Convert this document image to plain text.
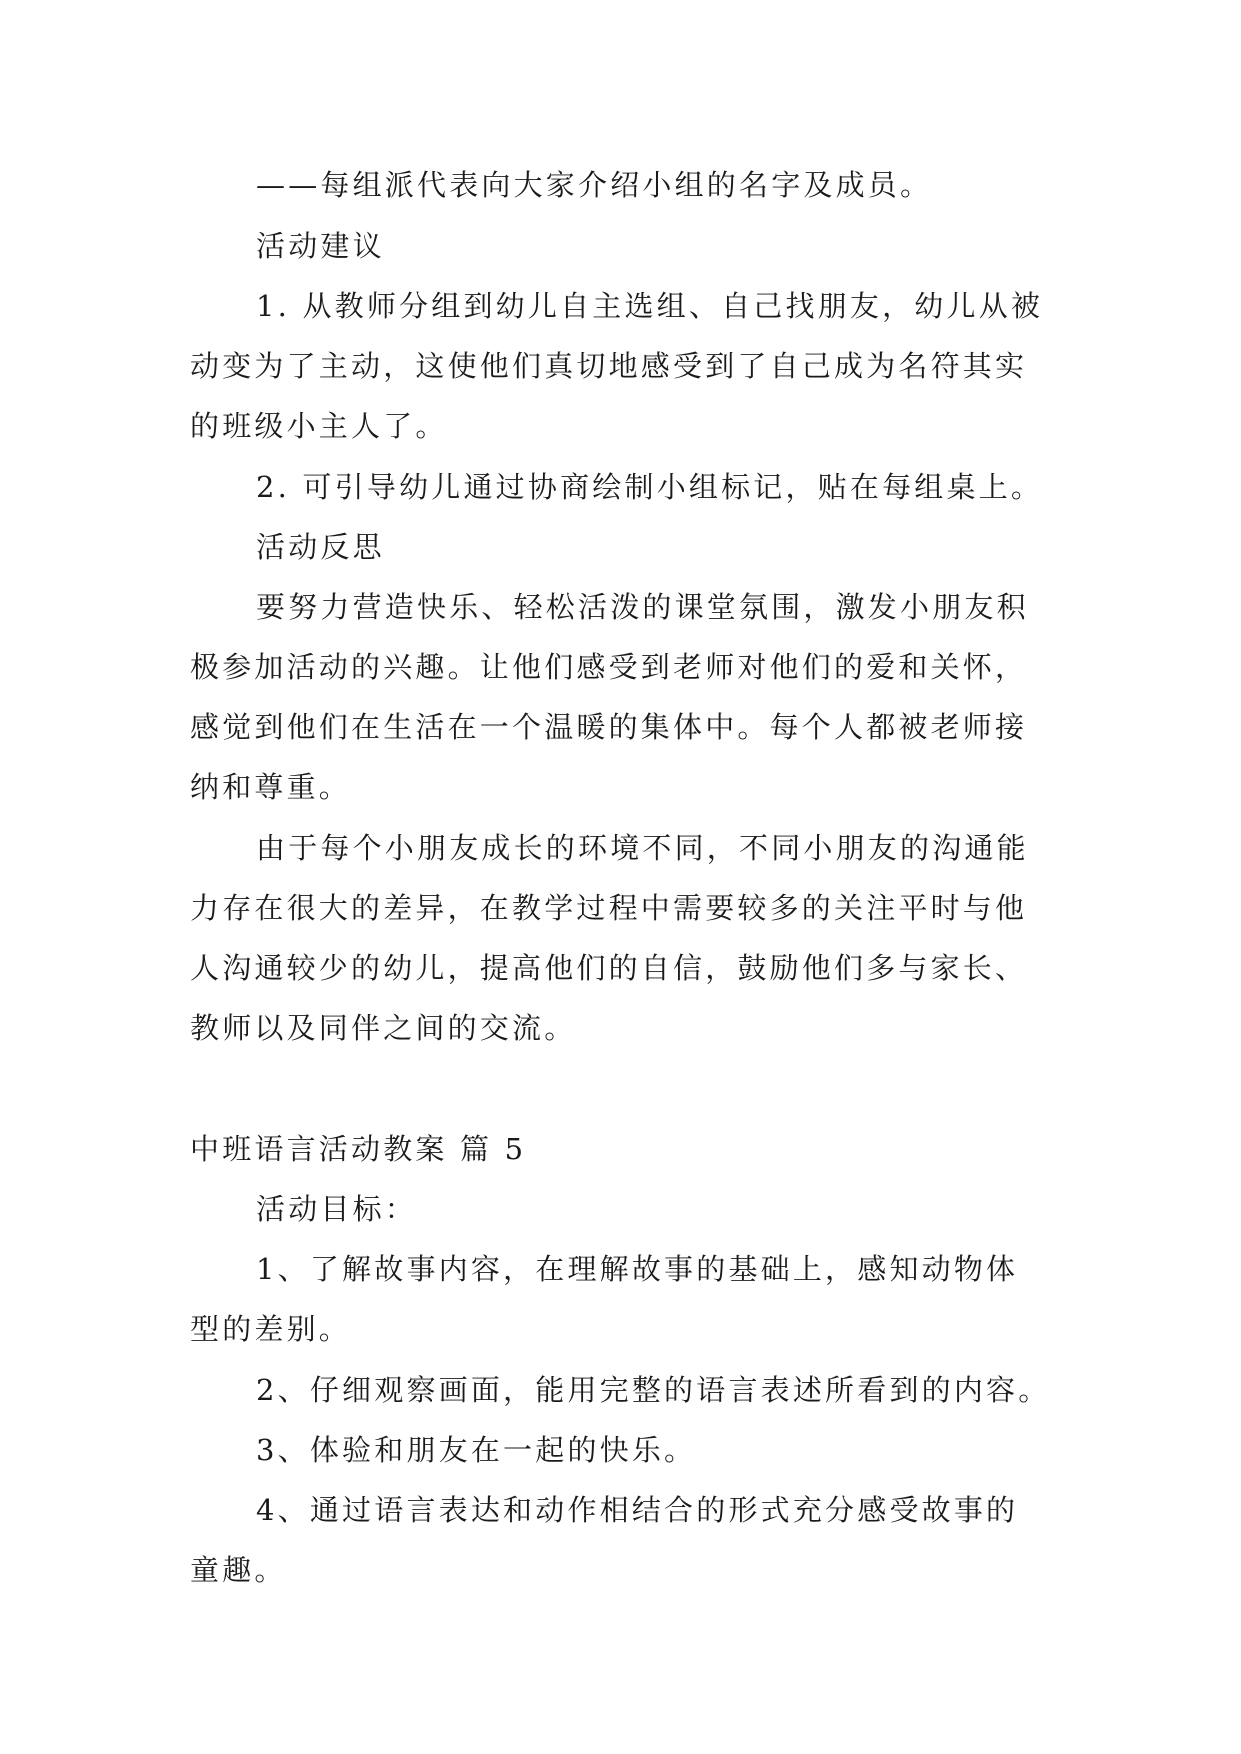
——每组派代表向大家介绍小组的名字及成员。
活动建议
1. 从教师分组到幼儿自主选组、自己找朋友，幼儿从被
动变为了主动，这使他们真切地感受到了自己成为名符其实
的班级小主人了。
2. 可引导幼儿通过协商绘制小组标记，贴在每组桌上。
活动反思
要努力营造快乐、轻松活泼的课堂氛围，激发小朋友积
极参加活动的兴趣。让他们感受到老师对他们的爱和关怀，
感觉到他们在生活在一个温暖的集体中。每个人都被老师接
纳和尊重。
由于每个小朋友成长的环境不同，不同小朋友的沟通能
力存在很大的差异，在教学过程中需要较多的关注平时与他
人沟通较少的幼儿，提高他们的自信，鼓励他们多与家长、
教师以及同伴之间的交流。
中班语言活动教案 篇 5
活动目标：
1、了解故事内容，在理解故事的基础上，感知动物体
型的差别。
2、仔细观察画面，能用完整的语言表述所看到的内容。
3、体验和朋友在一起的快乐。
4、通过语言表达和动作相结合的形式充分感受故事的
童趣。
